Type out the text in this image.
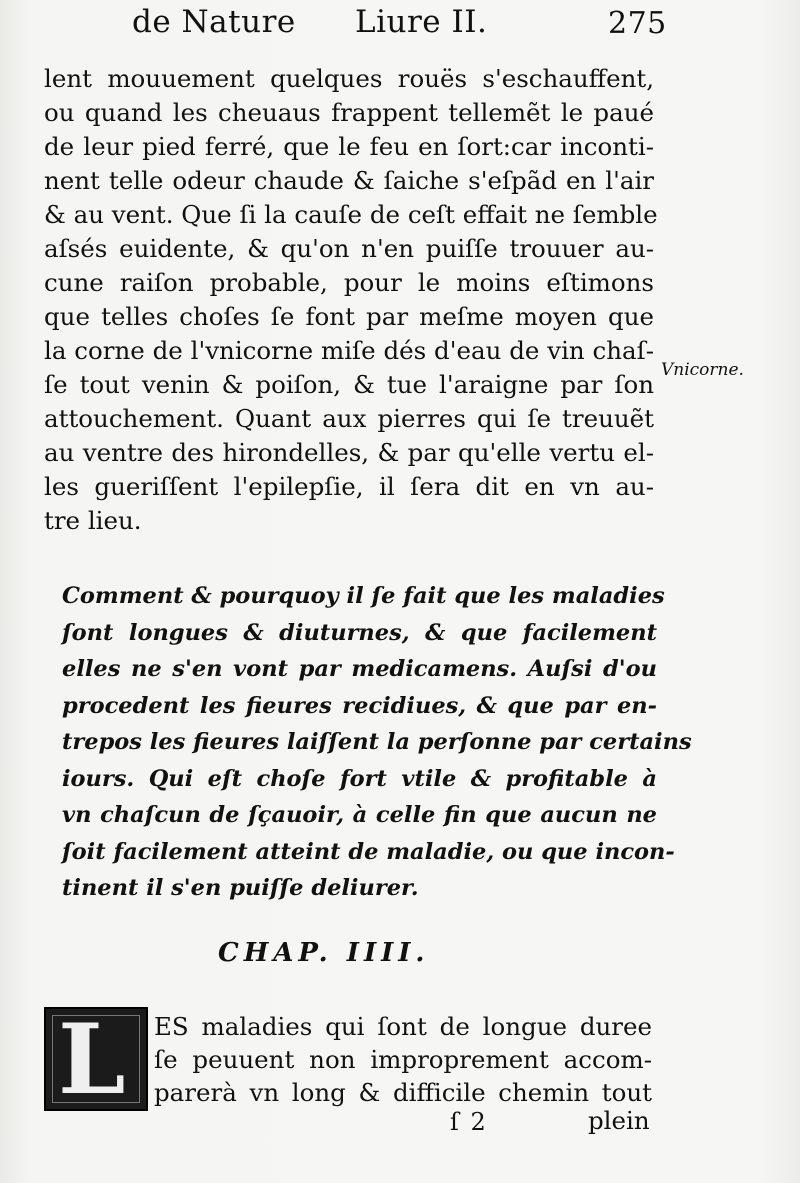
de Nature Liure II.	275
lent mouuement quelques rouës s'eschauffent,
ou quand les cheuaus frappent tellemẽt le paué
de leur pied ferré, que le feu en ſort:car inconti-
nent telle odeur chaude & ſaiche s'eſpãd en l'air
& au vent. Que ſi la cauſe de ceſt effait ne ſemble
aſsés euidente, & qu'on n'en puiſſe trouuer au-
cune raiſon probable, pour le moins eſtimons
que telles choſes ſe font par meſme moyen que
la corne de l'vnicorne miſe dés d'eau de vin chaſ-
ſe tout venin & poiſon, & tue l'araigne par ſon
attouchement. Quant aux pierres qui ſe treuuẽt
au ventre des hirondelles, & par qu'elle vertu el-
les gueriſſent l'epilepſie, il ſera dit en vn au-
tre lieu.
Vnicorne.
Comment & pourquoy il ſe fait que les maladies
ſont longues & diuturnes, & que facilement
elles ne s'en vont par medicamens. Auſsi d'ou
procedent les fieures recidiues, & que par en-
trepos les fieures laiſſent la perſonne par certains
iours. Qui eſt choſe fort vtile & profitable à
vn chaſcun de ſçauoir, à celle fin que aucun ne
ſoit facilement atteint de maladie, ou que incon-
tinent il s'en puiſſe deliurer.
CHAP. IIII.
L ES maladies qui ſont de longue duree
ſe peuuent non improprement accom-
parerà vn long & difficile chemin tout
ſ 2	plein
